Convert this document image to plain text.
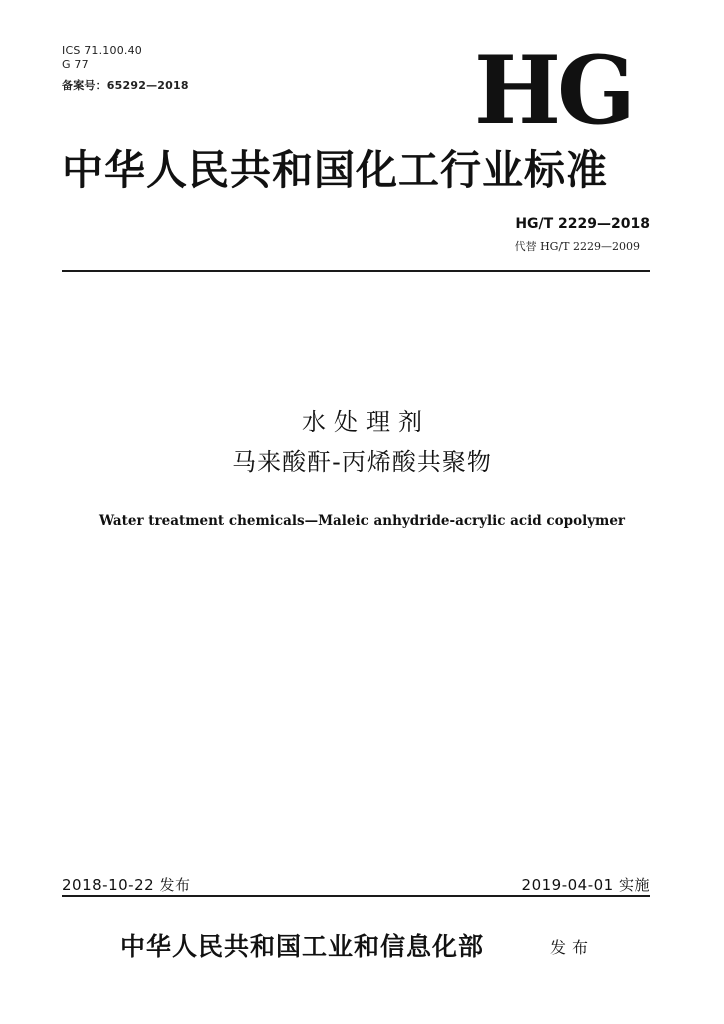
ICS 71.100.40
G 77
备案号：65292—2018	HG
中华人民共和国化工行业标准
HG/T 2229—2018
代替 HG/T 2229—2009
水处理剂
马来酸酐-丙烯酸共聚物
Water treatment chemicals—Maleic anhydride-acrylic acid copolymer
2018-10-22 发布	2019-04-01 实施
中华人民共和国工业和信息化部	发布
